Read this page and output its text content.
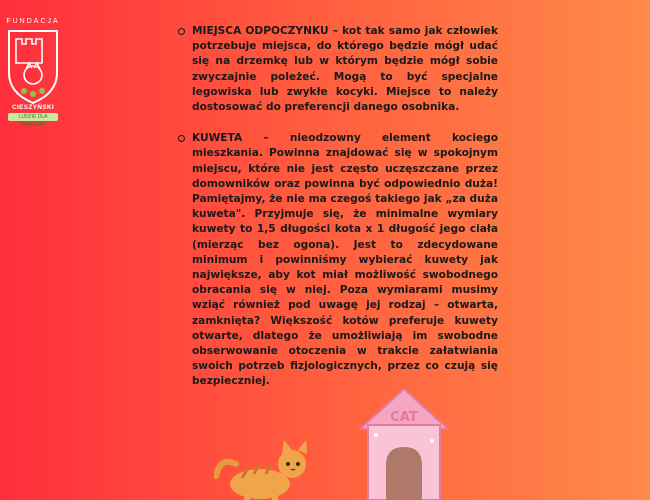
FUNDACJA
CIESZYŃSKI
LUDZIE DLA ZWIERZĄT
MIEJSCA ODPOCZYNKU – kot tak samo jak człowiek potrzebuje miejsca, do którego będzie mógł udać się na drzemkę lub w którym będzie mógł sobie zwyczajnie poleżeć. Mogą to być specjalne legowiska lub zwykłe kocyki. Miejsce to należy dostosować do preferencji danego osobnika.
KUWETA – nieodzowny element kociego mieszkania. Powinna znajdować się w spokojnym miejscu, które nie jest często uczęszczane przez domowników oraz powinna być odpowiednio duża! Pamiętajmy, że nie ma czegoś takiego jak „za duża kuweta". Przyjmuje się, że minimalne wymiary kuwety to 1,5 długości kota x 1 długość jego ciała (mierząc bez ogona). Jest to zdecydowane minimum i powinniśmy wybierać kuwety jak największe, aby kot miał możliwość swobodnego obracania się w niej. Poza wymiarami musimy wziąć również pod uwagę jej rodzaj – otwarta, zamknięta? Większość kotów preferuje kuwety otwarte, dlatego że umożliwiają im swobodne obserwowanie otoczenia w trakcie załatwiania swoich potrzeb fizjologicznych, przez co czują się bezpieczniej.
CAT
